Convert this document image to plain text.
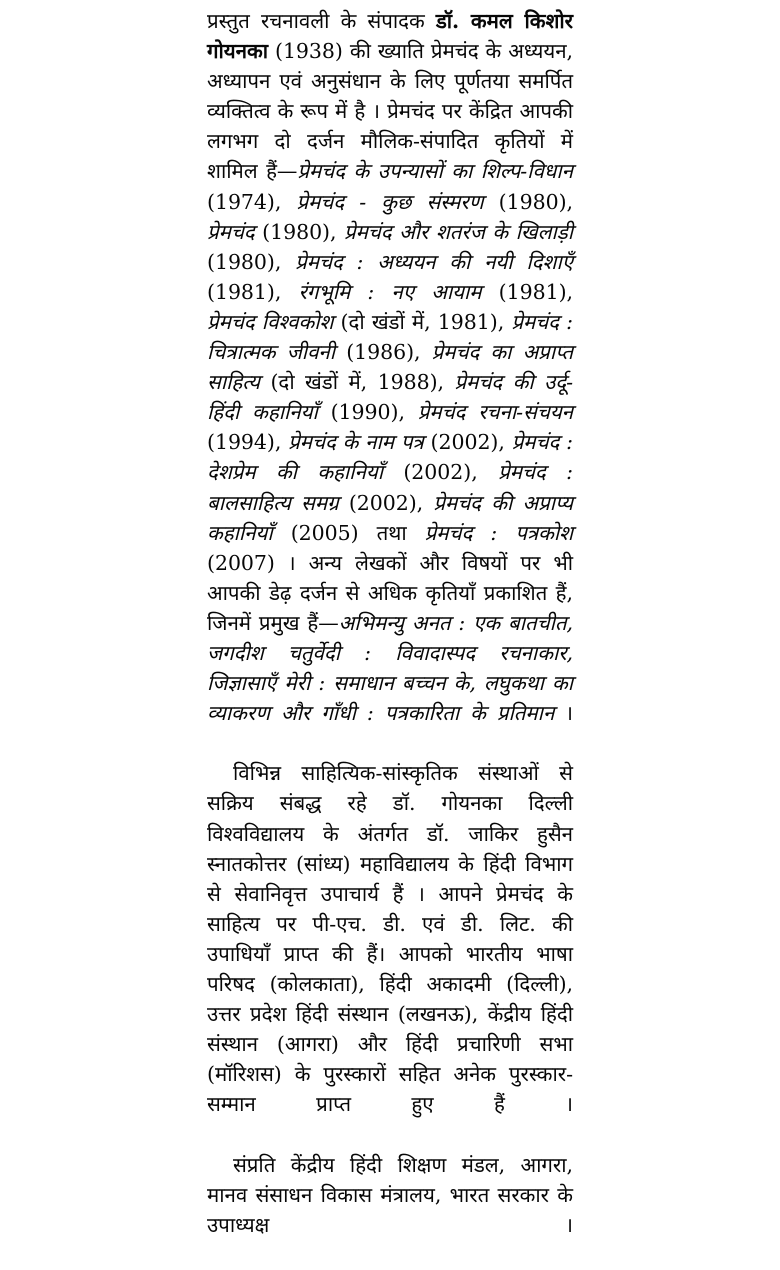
प्रस्तुत रचनावली के संपादक डॉ. कमल किशोर गोयनका (1938) की ख्याति प्रेमचंद के अध्ययन, अध्यापन एवं अनुसंधान के लिए पूर्णतया समर्पित व्यक्तित्व के रूप में है । प्रेमचंद पर केंद्रित आपकी लगभग दो दर्जन मौलिक-संपादित कृतियों में शामिल हैं—प्रेमचंद के उपन्यासों का शिल्प-विधान (1974), प्रेमचंद - कुछ संस्मरण (1980), प्रेमचंद (1980), प्रेमचंद और शतरंज के खिलाड़ी (1980), प्रेमचंद : अध्ययन की नयी दिशाएँ (1981), रंगभूमि : नए आयाम (1981), प्रेमचंद विश्वकोश (दो खंडों में, 1981), प्रेमचंद : चित्रात्मक जीवनी (1986), प्रेमचंद का अप्राप्त साहित्य (दो खंडों में, 1988), प्रेमचंद की उर्दू-हिंदी कहानियाँ (1990), प्रेमचंद रचना-संचयन (1994), प्रेमचंद के नाम पत्र (2002), प्रेमचंद : देशप्रेम की कहानियाँ (2002), प्रेमचंद : बालसाहित्य समग्र (2002), प्रेमचंद की अप्राप्य कहानियाँ (2005) तथा प्रेमचंद : पत्रकोश (2007) । अन्य लेखकों और विषयों पर भी आपकी डेढ़ दर्जन से अधिक कृतियाँ प्रकाशित हैं, जिनमें प्रमुख हैं—अभिमन्यु अनत : एक बातचीत, जगदीश चतुर्वेदी : विवादास्पद रचनाकार, जिज्ञासाएँ मेरी : समाधान बच्चन के, लघुकथा का व्याकरण और गाँधी : पत्रकारिता के प्रतिमान ।

विभिन्न साहित्यिक-सांस्कृतिक संस्थाओं से सक्रिय संबद्ध रहे डॉ. गोयनका दिल्ली विश्वविद्यालय के अंतर्गत डॉ. जाकिर हुसैन स्नातकोत्तर (सांध्य) महाविद्यालय के हिंदी विभाग से सेवानिवृत्त उपाचार्य हैं । आपने प्रेमचंद के साहित्य पर पी-एच. डी. एवं डी. लिट. की उपाधियाँ प्राप्त की हैं। आपको भारतीय भाषा परिषद (कोलकाता), हिंदी अकादमी (दिल्ली), उत्तर प्रदेश हिंदी संस्थान (लखनऊ), केंद्रीय हिंदी संस्थान (आगरा) और हिंदी प्रचारिणी सभा (मॉरिशस) के पुरस्कारों सहित अनेक पुरस्कार-सम्मान प्राप्त हुए हैं ।

संप्रति केंद्रीय हिंदी शिक्षण मंडल, आगरा, मानव संसाधन विकास मंत्रालय, भारत सरकार के उपाध्यक्ष ।
